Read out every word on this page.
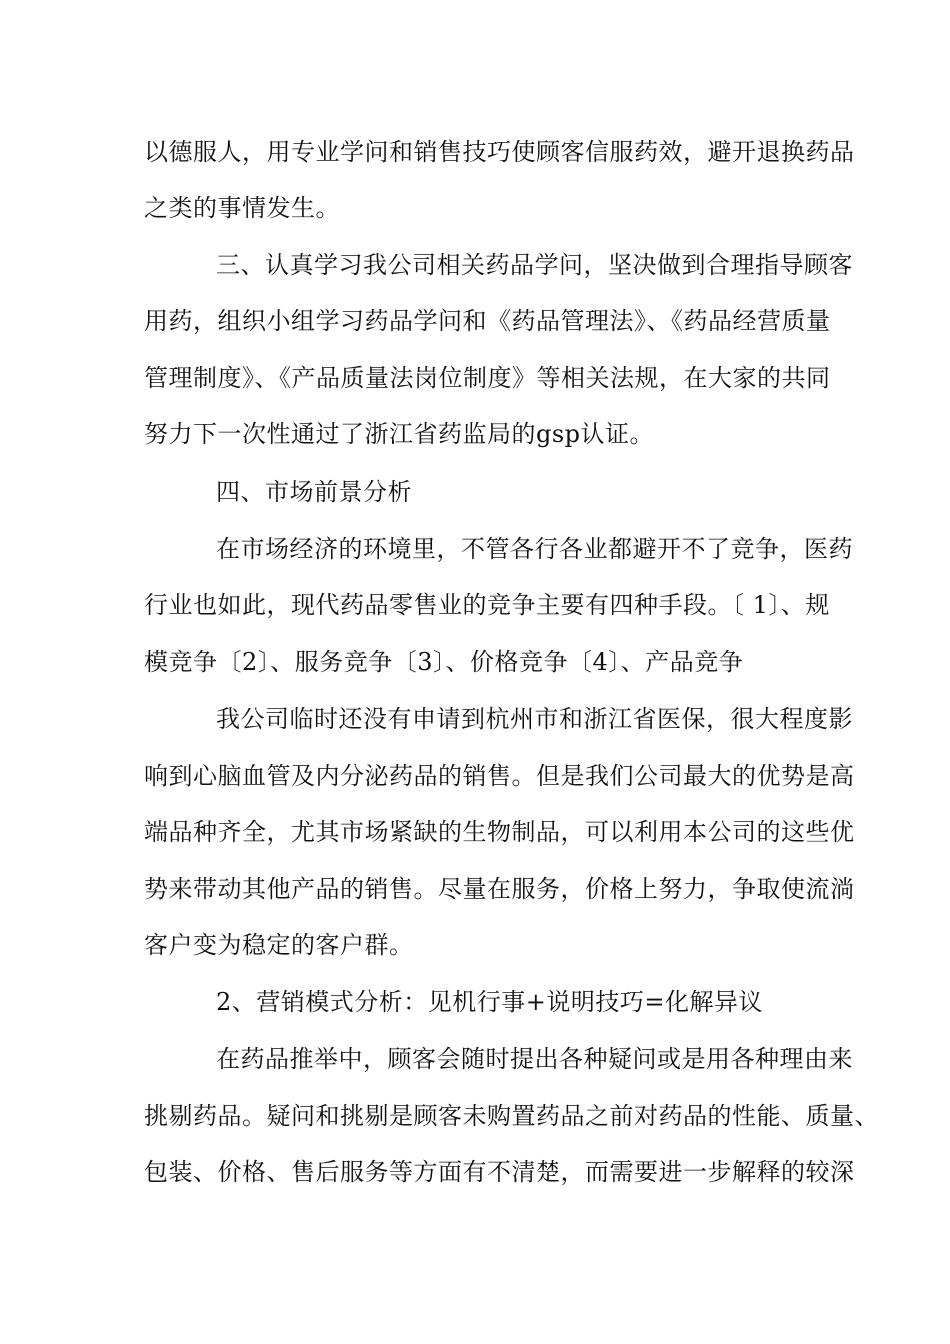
以德服人，用专业学问和销售技巧使顾客信服药效，避开退换药品
之类的事情发生。
三、认真学习我公司相关药品学问，坚决做到合理指导顾客
用药，组织小组学习药品学问和《药品管理法》、《药品经营质量
管理制度》、《产品质量法岗位制度》等相关法规，在大家的共同
努力下一次性通过了浙江省药监局的gsp认证。
四、市场前景分析
在市场经济的环境里，不管各行各业都避开不了竞争，医药
行业也如此，现代药品零售业的竞争主要有四种手段。〔 1〕、规
模竞争〔2〕、服务竞争〔3〕、价格竞争〔4〕、产品竞争
我公司临时还没有申请到杭州市和浙江省医保，很大程度影
响到心脑血管及内分泌药品的销售。但是我们公司最大的优势是高
端品种齐全，尤其市场紧缺的生物制品，可以利用本公司的这些优
势来带动其他产品的销售。尽量在服务，价格上努力，争取使流淌
客户变为稳定的客户群。
2、营销模式分析：见机行事+说明技巧=化解异议
在药品推举中，顾客会随时提出各种疑问或是用各种理由来
挑剔药品。疑问和挑剔是顾客未购置药品之前对药品的性能、质量、
包装、价格、售后服务等方面有不清楚，而需要进一步解释的较深
